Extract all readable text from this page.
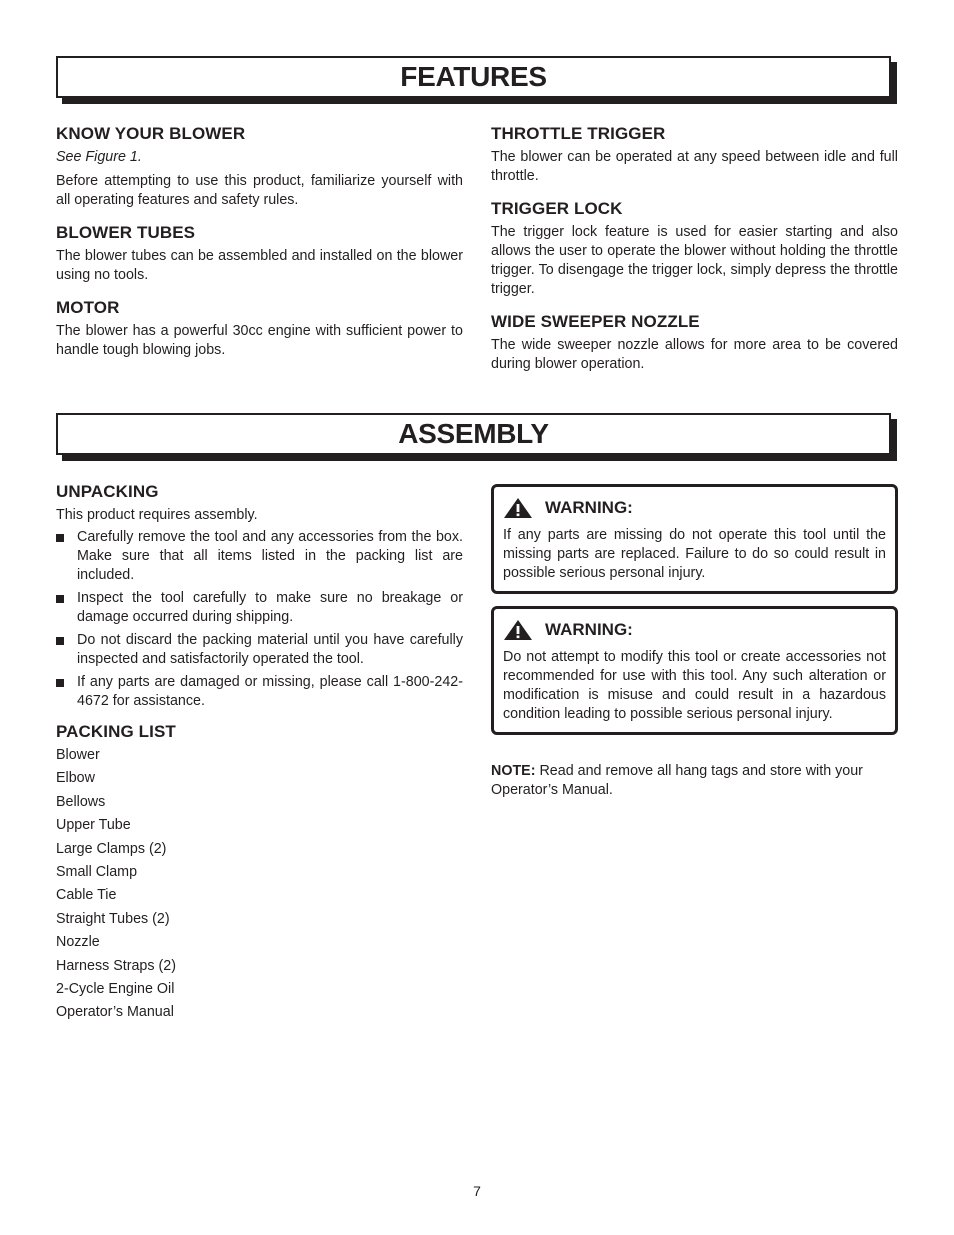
FEATURES
KNOW YOUR BLOWER

See Figure 1.

Before attempting to use this product, familiarize yourself with all operating features and safety rules.

BLOWER TUBES

The blower tubes can be assembled and installed on the blower using no tools.

MOTOR

The blower has a powerful 30cc engine with sufficient power to handle tough blowing jobs.

THROTTLE TRIGGER

The blower can be operated at any speed between idle and full throttle.

TRIGGER LOCK

The trigger lock feature is used for easier starting and also allows the user to operate the blower without holding the throttle trigger. To disengage the trigger lock, simply depress the throttle trigger.

WIDE SWEEPER NOZZLE

The wide sweeper nozzle allows for more area to be covered during blower operation.

ASSEMBLY
UNPACKING

This product requires assembly.

Carefully remove the tool and any accessories from the box. Make sure that all items listed in the packing list are included.
Inspect the tool carefully to make sure no breakage or damage occurred during shipping.
Do not discard the packing material until you have carefully inspected and satisfactorily operated the tool.
If any parts are damaged or missing, please call 1-800-242-4672 for assistance.
PACKING LIST
Blower
Elbow
Bellows
Upper Tube
Large Clamps (2)
Small Clamp
Cable Tie
Straight Tubes (2)
Nozzle
Harness Straps (2)
2-Cycle Engine Oil
Operator’s Manual
WARNING:

If any parts are missing do not operate this tool until the missing parts are replaced. Failure to do so could result in possible serious personal injury.

WARNING:

Do not attempt to modify this tool or create accessories not recommended for use with this tool. Any such alteration or modification is misuse and could result in a hazardous condition leading to possible serious personal injury.

NOTE: Read and remove all hang tags and store with your Operator’s Manual.

7
